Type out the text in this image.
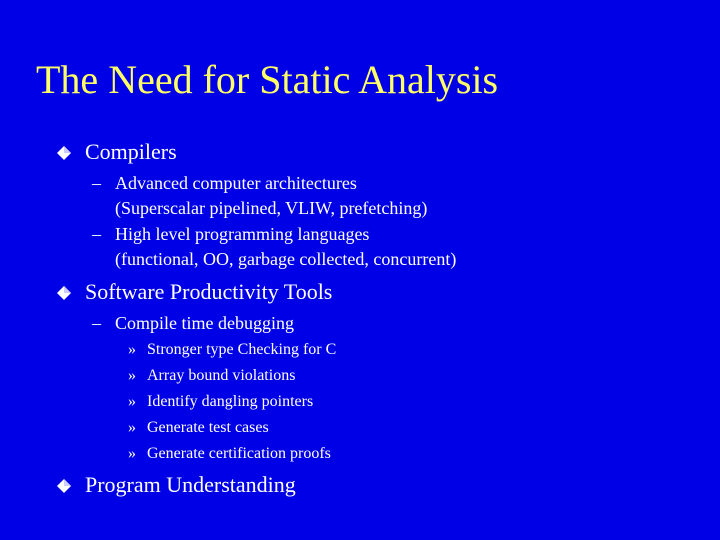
The Need for Static Analysis
Compilers
– Advanced computer architectures
(Superscalar pipelined, VLIW, prefetching)
– High level programming languages
(functional, OO, garbage collected, concurrent)
Software Productivity Tools
– Compile time debugging
» Stronger type Checking for C
» Array bound violations
» Identify dangling pointers
» Generate test cases
» Generate certification proofs
Program Understanding
